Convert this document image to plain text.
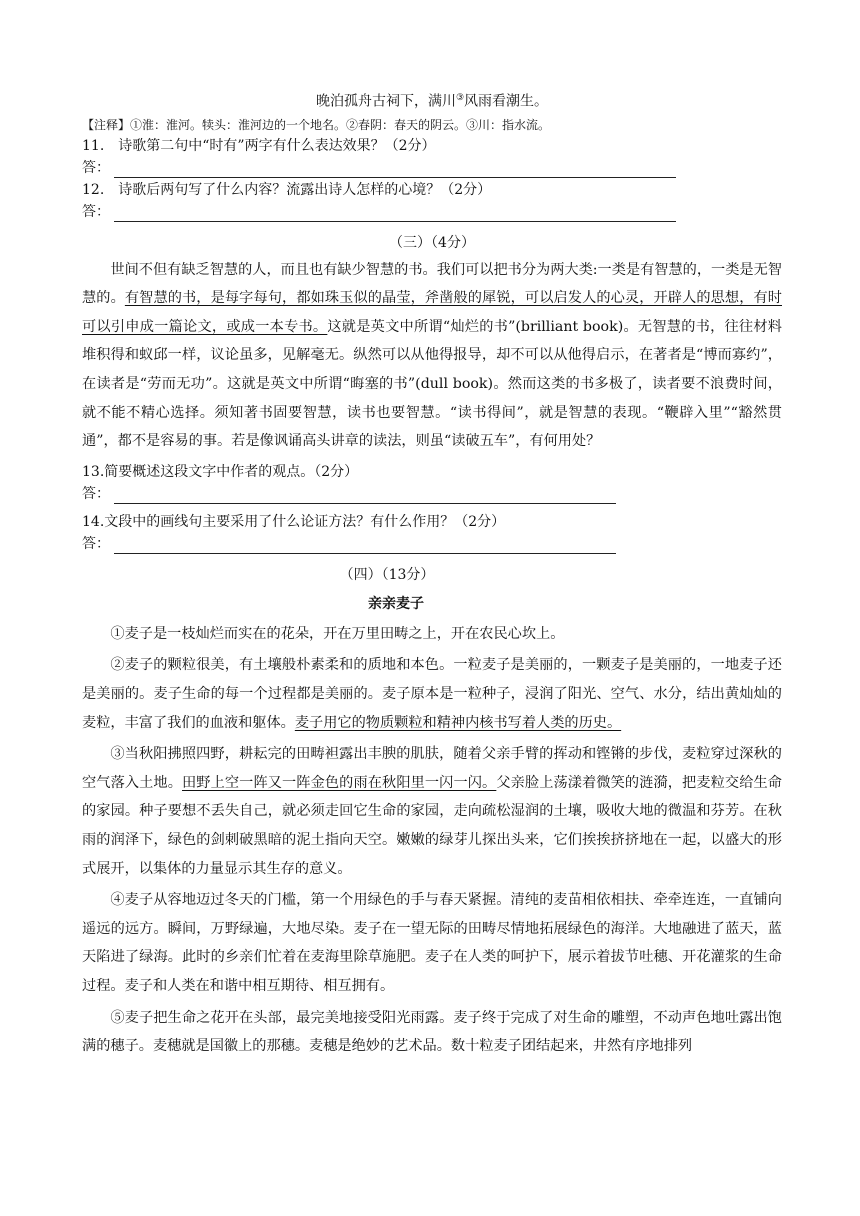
晚泊孤舟古祠下，满川③风雨看潮生。
【注释】①淮：淮河。犊头：淮河边的一个地名。②春阴：春天的阴云。③川：指水流。
11.　诗歌第二句中“时有”两字有什么表达效果？（2分）
答：
12.　诗歌后两句写了什么内容？流露出诗人怎样的心境？（2分）
答：
（三）（4分）

世间不但有缺乏智慧的人，而且也有缺少智慧的书。我们可以把书分为两大类:一类是有智慧的，一类是无智慧的。有智慧的书，是每字每句，都如珠玉似的晶莹，斧凿般的犀锐，可以启发人的心灵，开辟人的思想，有时可以引申成一篇论文，或成一本专书。这就是英文中所谓“灿烂的书”(brilliant book)。无智慧的书，往往材料堆积得和蚁邱一样，议论虽多，见解毫无。纵然可以从他得报导，却不可以从他得启示，在著者是“博而寡约”，在读者是“劳而无功”。这就是英文中所谓“晦塞的书”(dull book)。然而这类的书多极了，读者要不浪费时间，就不能不精心选择。须知著书固要智慧，读书也要智慧。“读书得间”，就是智慧的表现。“鞭辟入里”“豁然贯通”，都不是容易的事。若是像讽诵高头讲章的读法，则虽“读破五车”，有何用处？

13.简要概述这段文字中作者的观点。（2分）
答：
14.文段中的画线句主要采用了什么论证方法？有什么作用？（2分）
答：
（四）（13分）
亲亲麦子

①麦子是一枝灿烂而实在的花朵，开在万里田畴之上，开在农民心坎上。

②麦子的颗粒很美，有土壤般朴素柔和的质地和本色。一粒麦子是美丽的，一颗麦子是美丽的，一地麦子还是美丽的。麦子生命的每一个过程都是美丽的。麦子原本是一粒种子，浸润了阳光、空气、水分，结出黄灿灿的麦粒，丰富了我们的血液和躯体。麦子用它的物质颗粒和精神内核书写着人类的历史。

③当秋阳拂照四野，耕耘完的田畴袒露出丰腴的肌肤，随着父亲手臂的挥动和铿锵的步伐，麦粒穿过深秋的空气落入土地。田野上空一阵又一阵金色的雨在秋阳里一闪一闪。父亲脸上荡漾着微笑的涟漪，把麦粒交给生命的家园。种子要想不丢失自己，就必须走回它生命的家园，走向疏松湿润的土壤，吸收大地的微温和芬芳。在秋雨的润泽下，绿色的剑刺破黑暗的泥土指向天空。嫩嫩的绿芽儿探出头来，它们挨挨挤挤地在一起，以盛大的形式展开，以集体的力量显示其生存的意义。

④麦子从容地迈过冬天的门槛，第一个用绿色的手与春天紧握。清纯的麦苗相依相扶、牵牵连连，一直铺向遥远的远方。瞬间，万野绿遍，大地尽染。麦子在一望无际的田畴尽情地拓展绿色的海洋。大地融进了蓝天，蓝天陷进了绿海。此时的乡亲们忙着在麦海里除草施肥。麦子在人类的呵护下，展示着拔节吐穗、开花灌浆的生命过程。麦子和人类在和谐中相互期待、相互拥有。

⑤麦子把生命之花开在头部，最完美地接受阳光雨露。麦子终于完成了对生命的雕塑，不动声色地吐露出饱满的穗子。麦穗就是国徽上的那穗。麦穗是绝妙的艺术品。数十粒麦子团结起来，井然有序地排列
